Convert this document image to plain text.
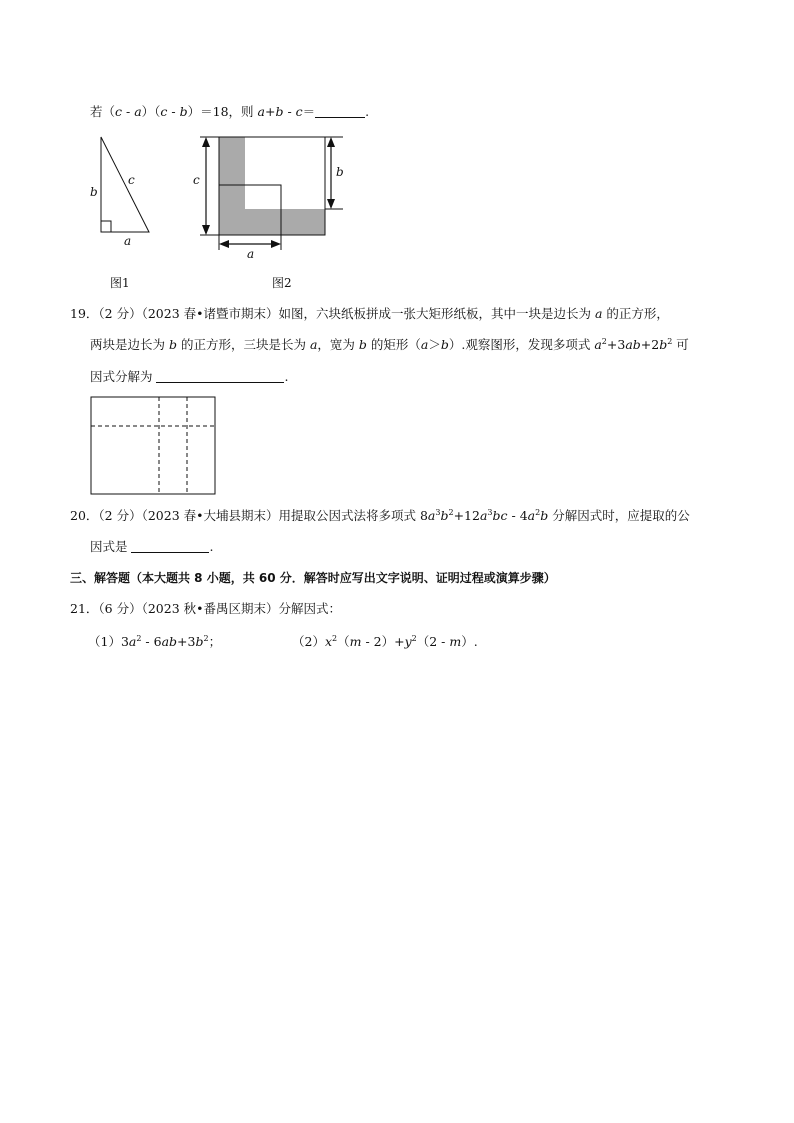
若（c - a）（c - b）＝18，则 a+b - c＝	.
b
c
a
图1
c
b
a
图2
19．（2 分）（2023 春•诸暨市期末）如图，六块纸板拼成一张大矩形纸板，其中一块是边长为 a 的正方形，
两块是边长为 b 的正方形，三块是长为 a，宽为 b 的矩形（a＞b）.观察图形，发现多项式 $a^2+3ab+2b^2$ 可
因式分解为	.
20．（2 分）（2023 春•大埔县期末）用提取公因式法将多项式 $8a^3b^2+12a^3bc - 4a^2b$ 分解因式时，应提取的公
因式是	.
三、解答题（本大题共 8 小题，共 60 分．解答时应写出文字说明、证明过程或演算步骤）
21．（6 分）（2023 秋•番禺区期末）分解因式：
$(1)3a^2 - 6ab+3b^2$；	$(2)x^2(m - 2)+y^2(2 - m)$.
